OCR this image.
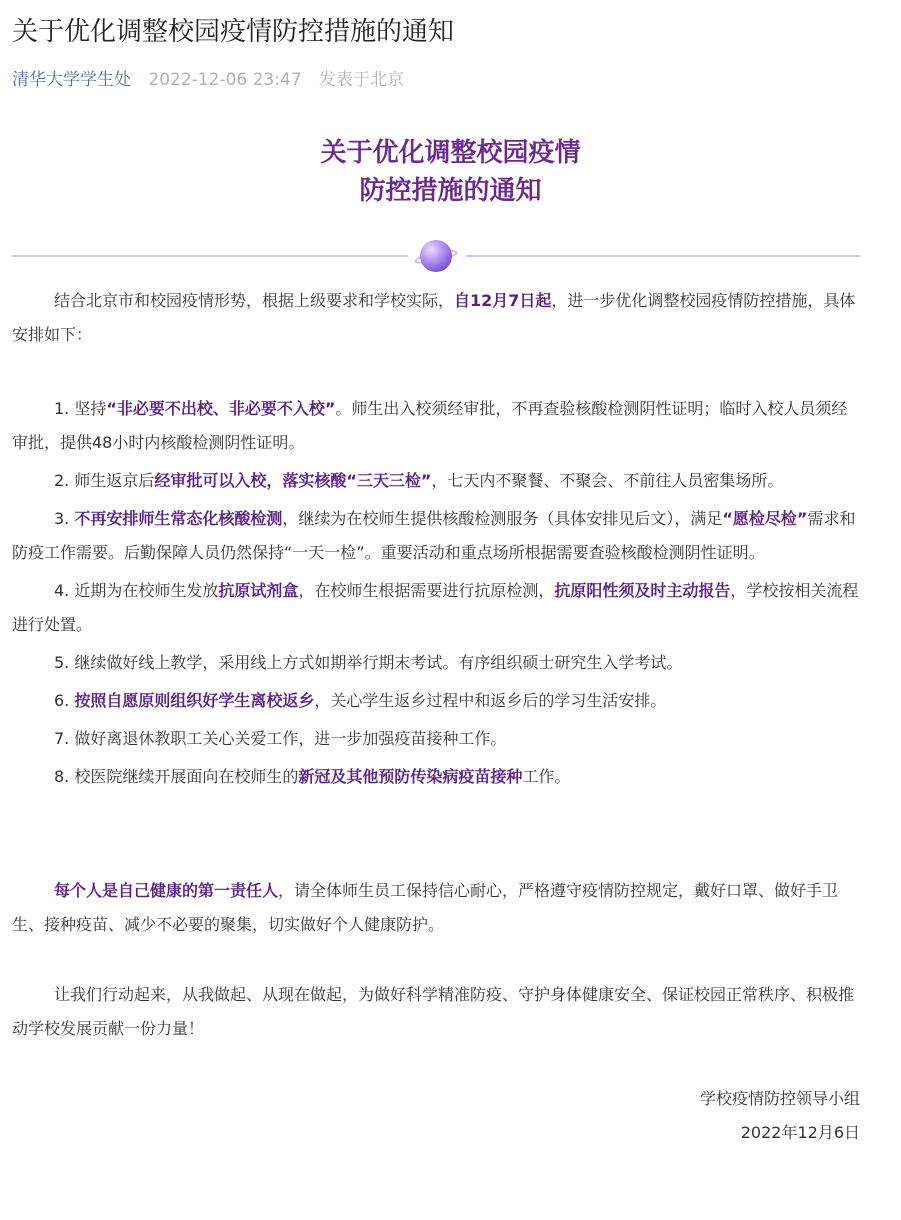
关于优化调整校园疫情防控措施的通知
清华大学学生处 2022-12-06 23:47 发表于北京
关于优化调整校园疫情
防控措施的通知

结合北京市和校园疫情形势，根据上级要求和学校实际，自12月7日起，进一步优化调整校园疫情防控措施，具体安排如下：

1. 坚持“非必要不出校、非必要不入校”。师生出入校须经审批，不再查验核酸检测阴性证明；临时入校人员须经审批，提供48小时内核酸检测阴性证明。

2. 师生返京后经审批可以入校，落实核酸“三天三检”，七天内不聚餐、不聚会、不前往人员密集场所。

3. 不再安排师生常态化核酸检测，继续为在校师生提供核酸检测服务（具体安排见后文），满足“愿检尽检”需求和防疫工作需要。后勤保障人员仍然保持“一天一检”。重要活动和重点场所根据需要查验核酸检测阴性证明。

4. 近期为在校师生发放抗原试剂盒，在校师生根据需要进行抗原检测，抗原阳性须及时主动报告，学校按相关流程进行处置。

5. 继续做好线上教学，采用线上方式如期举行期末考试。有序组织硕士研究生入学考试。

6. 按照自愿原则组织好学生离校返乡，关心学生返乡过程中和返乡后的学习生活安排。

7. 做好离退休教职工关心关爱工作，进一步加强疫苗接种工作。

8. 校医院继续开展面向在校师生的新冠及其他预防传染病疫苗接种工作。

每个人是自己健康的第一责任人，请全体师生员工保持信心耐心，严格遵守疫情防控规定，戴好口罩、做好手卫生、接种疫苗、减少不必要的聚集，切实做好个人健康防护。

让我们行动起来，从我做起、从现在做起，为做好科学精准防疫、守护身体健康安全、保证校园正常秩序、积极推动学校发展贡献一份力量！

学校疫情防控领导小组

2022年12月6日
